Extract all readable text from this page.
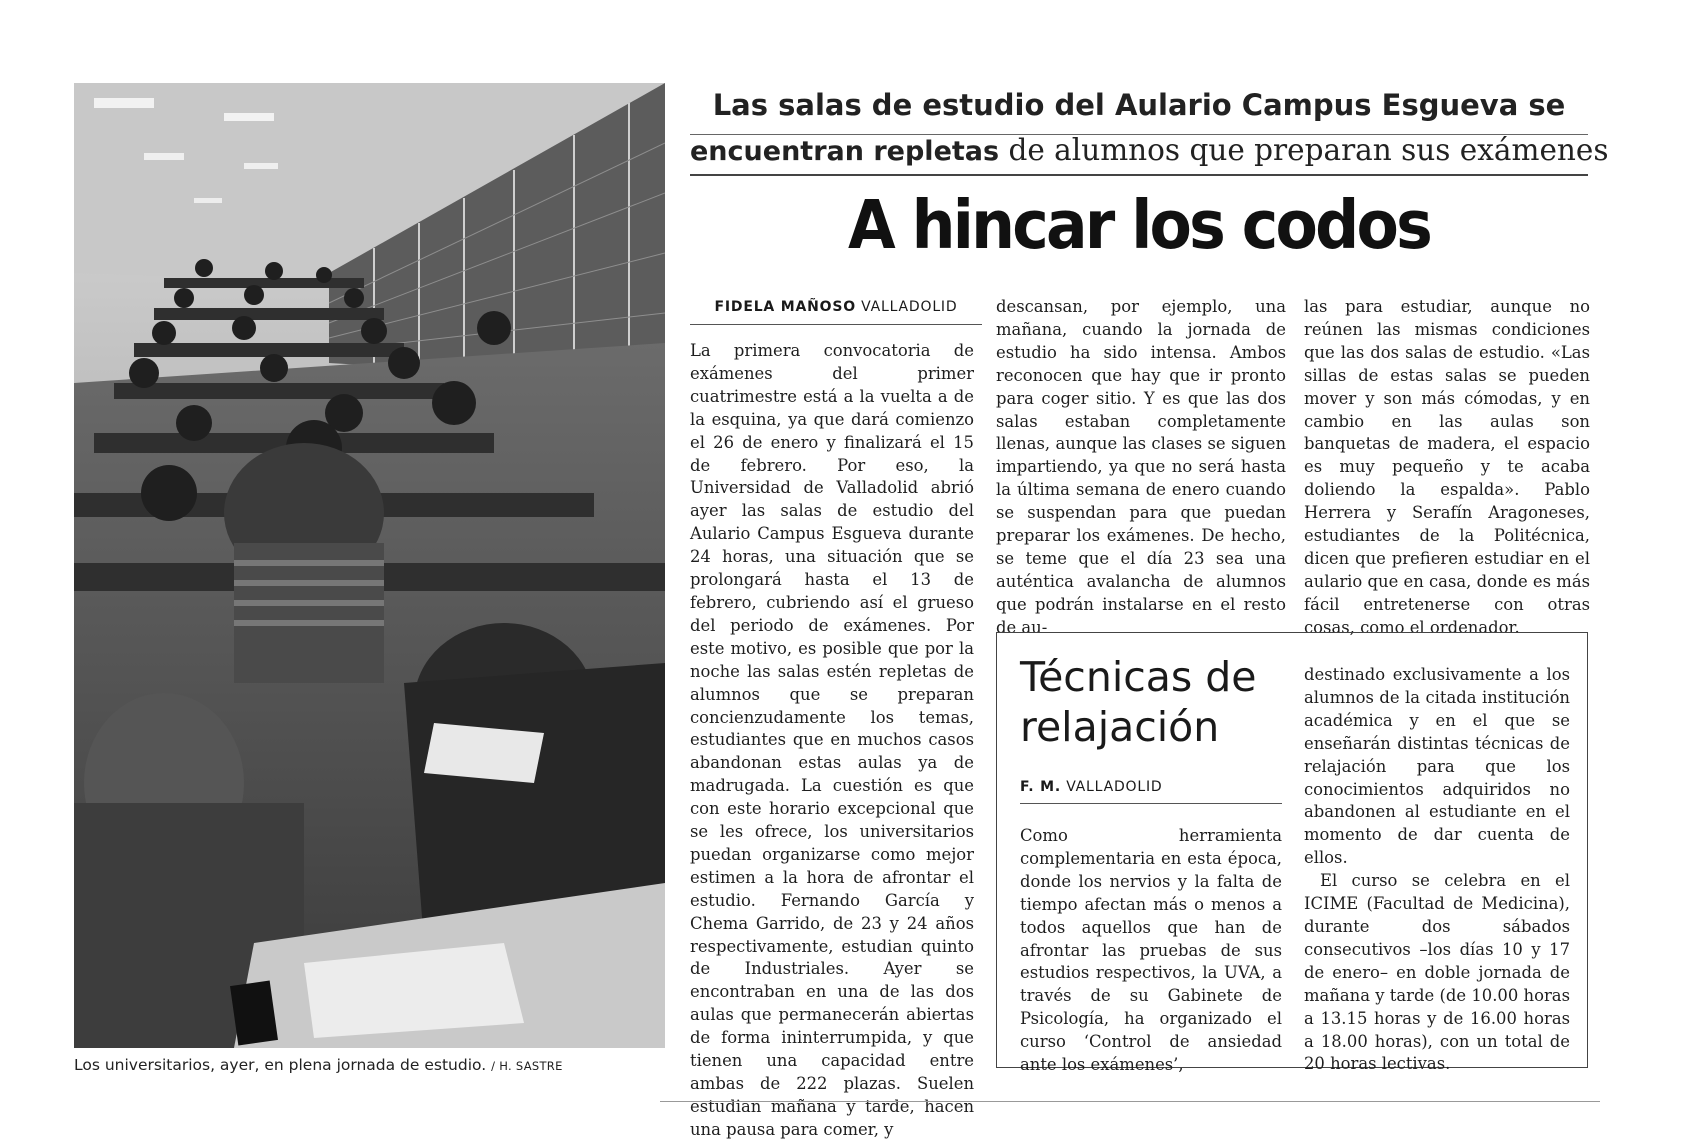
Los universitarios, ayer, en plena jornada de estudio. / H. SASTRE
Las salas de estudio del Aulario Campus Esgueva se
encuentran repletas de alumnos que preparan sus exámenes
A hincar los codos
FIDELA MAÑOSO VALLADOLID

La primera convocatoria de exámenes del primer cuatrimestre está a la vuelta a de la esquina, ya que dará comienzo el 26 de enero y finalizará el 15 de febrero. Por eso, la Universidad de Valladolid abrió ayer las salas de estudio del Aulario Campus Esgueva durante 24 horas, una situación que se prolongará hasta el 13 de febrero, cubriendo así el grueso del periodo de exámenes. Por este motivo, es posible que por la noche las salas estén repletas de alumnos que se preparan concienzudamente los temas, estudiantes que en muchos casos abandonan estas aulas ya de madrugada. La cuestión es que con este horario excepcional que se les ofrece, los universitarios puedan organizarse como mejor estimen a la hora de afrontar el estudio. Fernando García y Chema Garrido, de 23 y 24 años respectivamente, estudian quinto de Industriales. Ayer se encontraban en una de las dos aulas que permanecerán abiertas de forma ininterrumpida, y que tienen una capacidad entre ambas de 222 plazas. Suelen estudian mañana y tarde, hacen una pausa para comer, y

descansan, por ejemplo, una mañana, cuando la jornada de estudio ha sido intensa. Ambos reconocen que hay que ir pronto para coger sitio. Y es que las dos salas estaban completamente llenas, aunque las clases se siguen impartiendo, ya que no será hasta la última semana de enero cuando se suspendan para que puedan preparar los exámenes. De hecho, se teme que el día 23 sea una auténtica avalancha de alumnos que podrán instalarse en el resto de au-

las para estudiar, aunque no reúnen las mismas condiciones que las dos salas de estudio. «Las sillas de estas salas se pueden mover y son más cómodas, y en cambio en las aulas son banquetas de madera, el espacio es muy pequeño y te acaba doliendo la espalda». Pablo Herrera y Serafín Aragoneses, estudiantes de la Politécnica, dicen que prefieren estudiar en el aulario que en casa, donde es más fácil entretenerse con otras cosas, como el ordenador.

Técnicas de relajación
F. M. VALLADOLID

Como herramienta complementaria en esta época, donde los nervios y la falta de tiempo afectan más o menos a todos aquellos que han de afrontar las pruebas de sus estudios respectivos, la UVA, a través de su Gabinete de Psicología, ha organizado el curso ‘Control de ansiedad ante los exámenes’,

destinado exclusivamente a los alumnos de la citada institución académica y en el que se enseñarán distintas técnicas de relajación para que los conocimientos adquiridos no abandonen al estudiante en el momento de dar cuenta de ellos.

El curso se celebra en el ICIME (Facultad de Medicina), durante dos sábados consecutivos –los días 10 y 17 de enero– en doble jornada de mañana y tarde (de 10.00 horas a 13.15 horas y de 16.00 horas a 18.00 horas), con un total de 20 horas lectivas.
